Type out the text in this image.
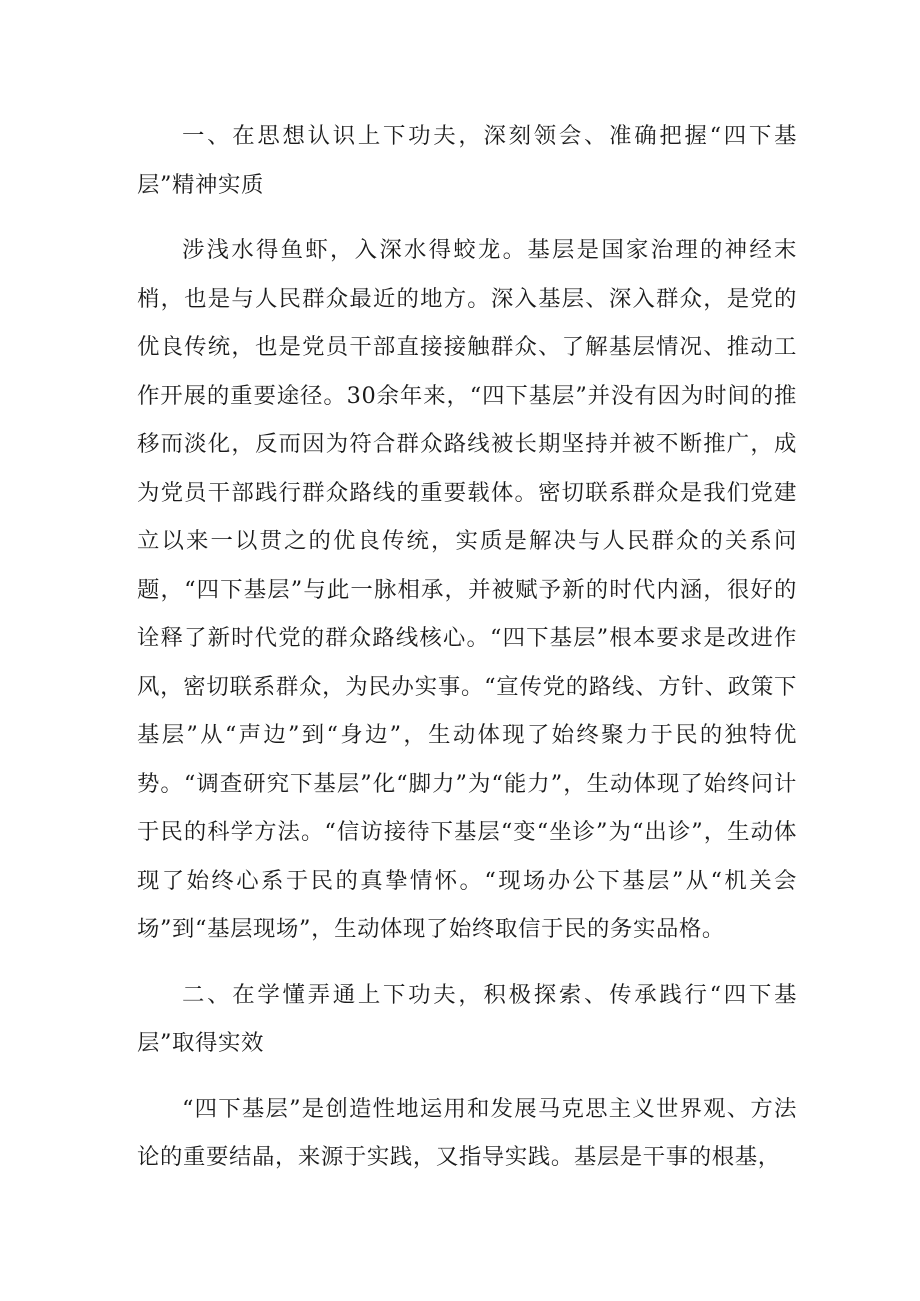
一、在思想认识上下功夫，深刻领会、准确把握“四下基层”精神实质

涉浅水得鱼虾，入深水得蛟龙。基层是国家治理的神经末梢，也是与人民群众最近的地方。深入基层、深入群众，是党的优良传统，也是党员干部直接接触群众、了解基层情况、推动工作开展的重要途径。30余年来，“四下基层”并没有因为时间的推移而淡化，反而因为符合群众路线被长期坚持并被不断推广，成为党员干部践行群众路线的重要载体。密切联系群众是我们党建立以来一以贯之的优良传统，实质是解决与人民群众的关系问题，“四下基层”与此一脉相承，并被赋予新的时代内涵，很好的诠释了新时代党的群众路线核心。“四下基层”根本要求是改进作风，密切联系群众，为民办实事。“宣传党的路线、方针、政策下基层”从“声边”到“身边”，生动体现了始终聚力于民的独特优势。“调查研究下基层”化“脚力”为“能力”，生动体现了始终问计于民的科学方法。“信访接待下基层“变“坐诊”为“出诊”，生动体现了始终心系于民的真挚情怀。“现场办公下基层”从“机关会场”到“基层现场”，生动体现了始终取信于民的务实品格。

二、在学懂弄通上下功夫，积极探索、传承践行“四下基层”取得实效

“四下基层”是创造性地运用和发展马克思主义世界观、方法论的重要结晶，来源于实践，又指导实践。基层是干事的根基，
